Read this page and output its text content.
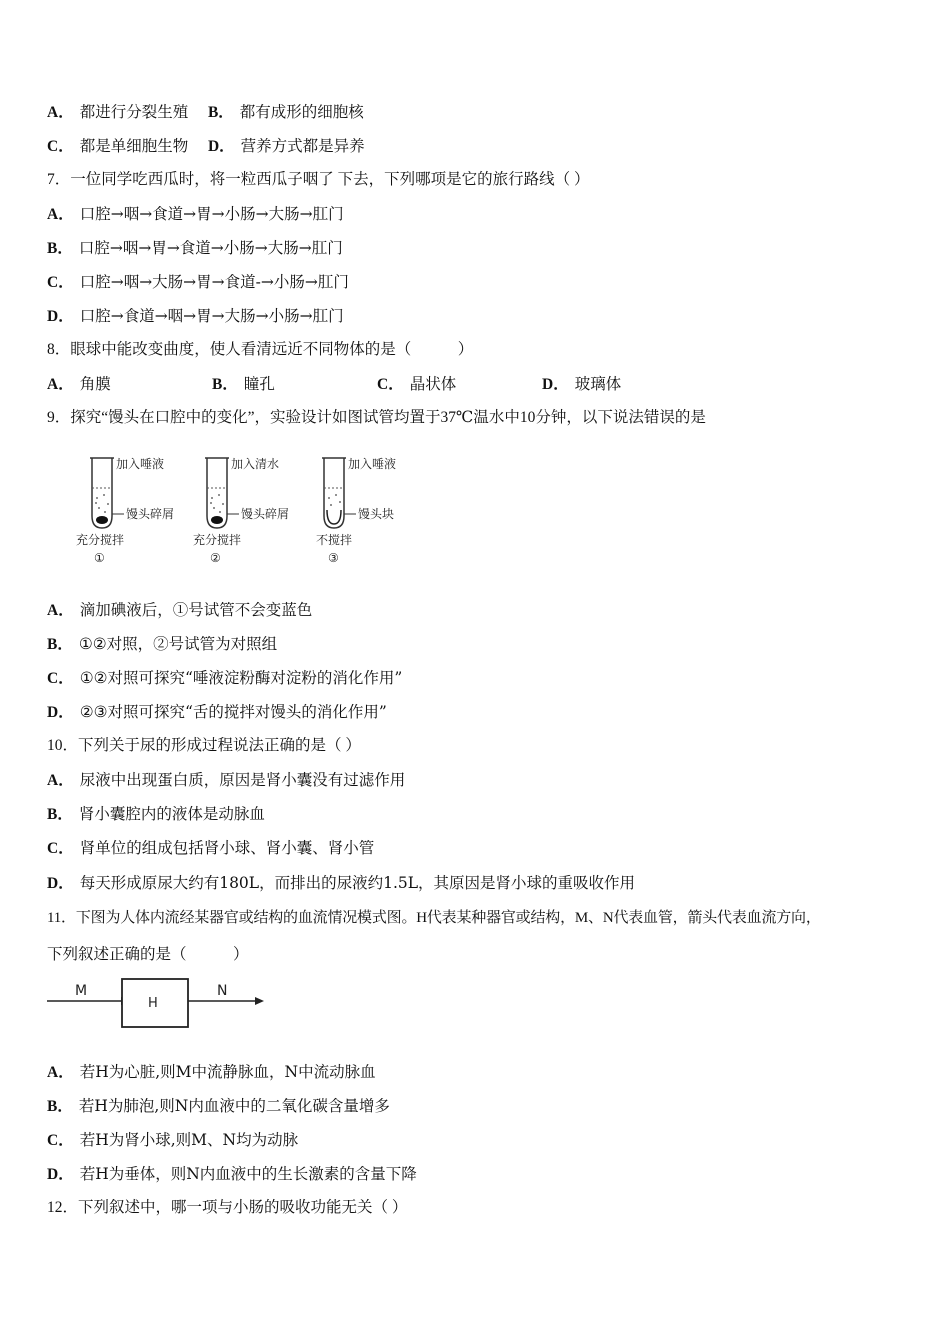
A． 都进行分裂生殖 B． 都有成形的细胞核
C． 都是单细胞生物 D． 营养方式都是异养
7．一位同学吃西瓜时，将一粒西瓜子咽了 下去，下列哪项是它的旅行路线（ ）
A． 口腔→咽→食道→胃→小肠→大肠→肛门
B． 口腔→咽→胃→食道→小肠→大肠→肛门
C． 口腔→咽→大肠→胃→食道-→小肠→肛门
D． 口腔→食道→咽→胃→大肠→小肠→肛门
8．眼球中能改变曲度，使人看清远近不同物体的是（　　　）
A． 角膜	B． 瞳孔	C． 晶状体	D． 玻璃体
9．探究“馒头在口腔中的变化”，实验设计如图试管均置于37℃温水中10分钟，以下说法错误的是
加入唾液
馒头碎屑
充分搅拌
①
加入清水
馒头碎屑
充分搅拌
②
加入唾液
馒头块
不搅拌
③
A． 滴加碘液后，①号试管不会变蓝色
B． ①②对照，②号试管为对照组
C． ①②对照可探究“唾液淀粉酶对淀粉的消化作用”
D． ②③对照可探究“舌的搅拌对馒头的消化作用”
10．下列关于尿的形成过程说法正确的是（ ）
A． 尿液中出现蛋白质，原因是肾小囊没有过滤作用
B． 肾小囊腔内的液体是动脉血
C． 肾单位的组成包括肾小球、肾小囊、肾小管
D． 每天形成原尿大约有180L，而排出的尿液约1.5L，其原因是肾小球的重吸收作用
11．下图为人体内流经某器官或结构的血流情况模式图。H代表某种器官或结构，M、N代表血管，箭头代表血流方向，
下列叙述正确的是（　　　）
M
H
N
A． 若H为心脏,则M中流静脉血，N中流动脉血
B． 若H为肺泡,则N内血液中的二氧化碳含量增多
C． 若H为肾小球,则M、N均为动脉
D． 若H为垂体，则N内血液中的生长激素的含量下降
12．下列叙述中，哪一项与小肠的吸收功能无关（ ）
